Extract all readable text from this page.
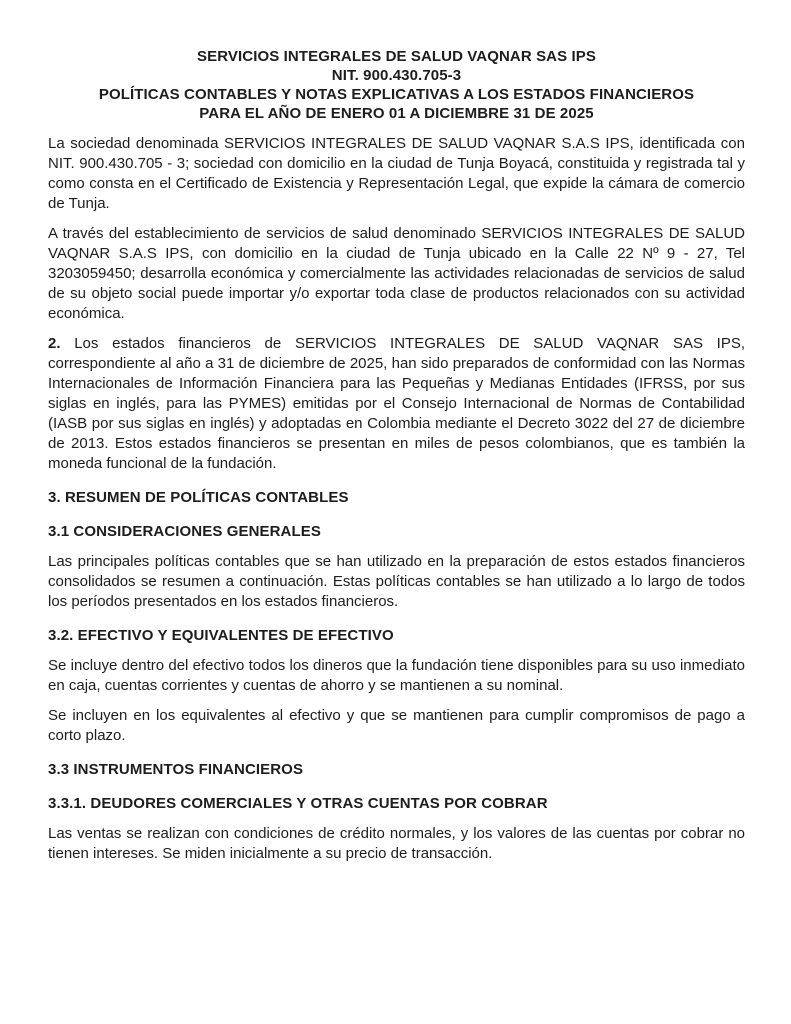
SERVICIOS INTEGRALES DE SALUD VAQNAR SAS IPS
NIT. 900.430.705-3
POLÍTICAS CONTABLES Y NOTAS EXPLICATIVAS A LOS ESTADOS FINANCIEROS
PARA EL AÑO DE ENERO 01 A DICIEMBRE 31 DE 2025

La sociedad denominada SERVICIOS INTEGRALES DE SALUD VAQNAR S.A.S IPS, identificada con NIT. 900.430.705 - 3; sociedad con domicilio en la ciudad de Tunja Boyacá, constituida y registrada tal y como consta en el Certificado de Existencia y Representación Legal, que expide la cámara de comercio de Tunja.

A través del establecimiento de servicios de salud denominado SERVICIOS INTEGRALES DE SALUD VAQNAR S.A.S IPS, con domicilio en la ciudad de Tunja ubicado en la Calle 22 Nº 9 - 27, Tel 3203059450; desarrolla económica y comercialmente las actividades relacionadas de servicios de salud de su objeto social puede importar y/o exportar toda clase de productos relacionados con su actividad económica.

2. Los estados financieros de SERVICIOS INTEGRALES DE SALUD VAQNAR SAS IPS, correspondiente al año a 31 de diciembre de 2025, han sido preparados de conformidad con las Normas Internacionales de Información Financiera para las Pequeñas y Medianas Entidades (IFRSS, por sus siglas en inglés, para las PYMES) emitidas por el Consejo Internacional de Normas de Contabilidad (IASB por sus siglas en inglés) y adoptadas en Colombia mediante el Decreto 3022 del 27 de diciembre de 2013. Estos estados financieros se presentan en miles de pesos colombianos, que es también la moneda funcional de la fundación.

3. RESUMEN DE POLÍTICAS CONTABLES
3.1 CONSIDERACIONES GENERALES

Las principales políticas contables que se han utilizado en la preparación de estos estados financieros consolidados se resumen a continuación. Estas políticas contables se han utilizado a lo largo de todos los períodos presentados en los estados financieros.

3.2. EFECTIVO Y EQUIVALENTES DE EFECTIVO

Se incluye dentro del efectivo todos los dineros que la fundación tiene disponibles para su uso inmediato en caja, cuentas corrientes y cuentas de ahorro y se mantienen a su nominal.

Se incluyen en los equivalentes al efectivo y que se mantienen para cumplir compromisos de pago a corto plazo.

3.3 INSTRUMENTOS FINANCIEROS
3.3.1. DEUDORES COMERCIALES Y OTRAS CUENTAS POR COBRAR

Las ventas se realizan con condiciones de crédito normales, y los valores de las cuentas por cobrar no tienen intereses. Se miden inicialmente a su precio de transacción.
